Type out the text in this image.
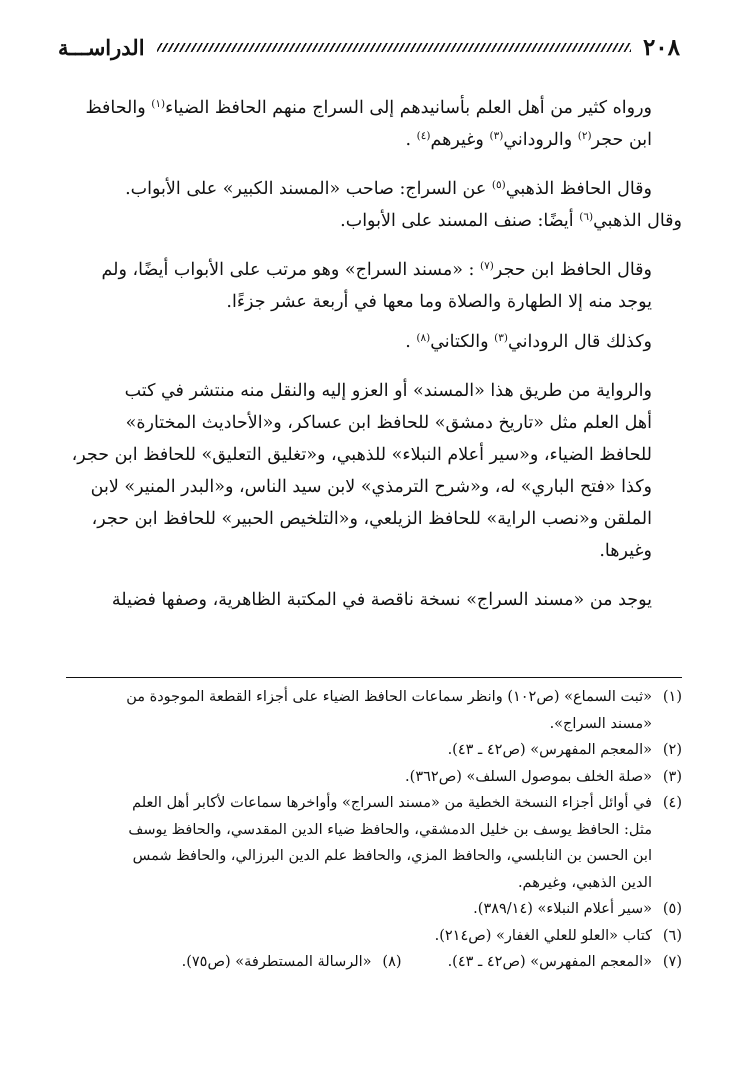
٢٠٨
الدراســـة

ورواه كثير من أهل العلم بأسانيدهم إلى السراج منهم الحافظ الضياء$^{(١)}$ والحافظ
ابن حجر$^{(٢)}$ والروداني$^{(٣)}$ وغيرهم$^{(٤)}$ .

وقال الحافظ الذهبي$^{(٥)}$ عن السراج: صاحب «المسند الكبير» على الأبواب.
وقال الذهبي$^{(٦)}$ أيضًا: صنف المسند على الأبواب.

وقال الحافظ ابن حجر$^{(٧)}$ : «مسند السراج» وهو مرتب على الأبواب أيضًا، ولم
يوجد منه إلا الطهارة والصلاة وما معها في أربعة عشر جزءًا.

وكذلك قال الروداني$^{(٣)}$ والكتاني$^{(٨)}$ .

والرواية من طريق هذا «المسند» أو العزو إليه والنقل منه منتشر في كتب
أهل العلم مثل «تاريخ دمشق» للحافظ ابن عساكر، و«الأحاديث المختارة»
للحافظ الضياء، و«سير أعلام النبلاء» للذهبي، و«تغليق التعليق» للحافظ ابن حجر،
وكذا «فتح الباري» له، و«شرح الترمذي» لابن سيد الناس، و«البدر المنير» لابن
الملقن و«نصب الراية» للحافظ الزيلعي، و«التلخيص الحبير» للحافظ ابن حجر،
وغيرها.

يوجد من «مسند السراج» نسخة ناقصة في المكتبة الظاهرية، وصفها فضيلة

(١)
«ثبت السماع» (ص١٠٢) وانظر سماعات الحافظ الضياء على أجزاء القطعة الموجودة من
«مسند السراج».
(٢)
«المعجم المفهرس» (ص٤٢ ـ ٤٣).
(٣)
«صلة الخلف بموصول السلف» (ص٣٦٢).
(٤)
في أوائل أجزاء النسخة الخطية من «مسند السراج» وأواخرها سماعات لأكابر أهل العلم
مثل: الحافظ يوسف بن خليل الدمشقي، والحافظ ضياء الدين المقدسي، والحافظ يوسف
ابن الحسن بن النابلسي، والحافظ المزي، والحافظ علم الدين البرزالي، والحافظ شمس
الدين الذهبي، وغيرهم.
(٥)
«سير أعلام النبلاء» (٣٨٩/١٤).
(٦)
كتاب «العلو للعلي الغفار» (ص٢١٤).
(٧)
«المعجم المفهرس» (ص٤٢ ـ ٤٣).
(٨)
«الرسالة المستطرفة» (ص٧٥).
